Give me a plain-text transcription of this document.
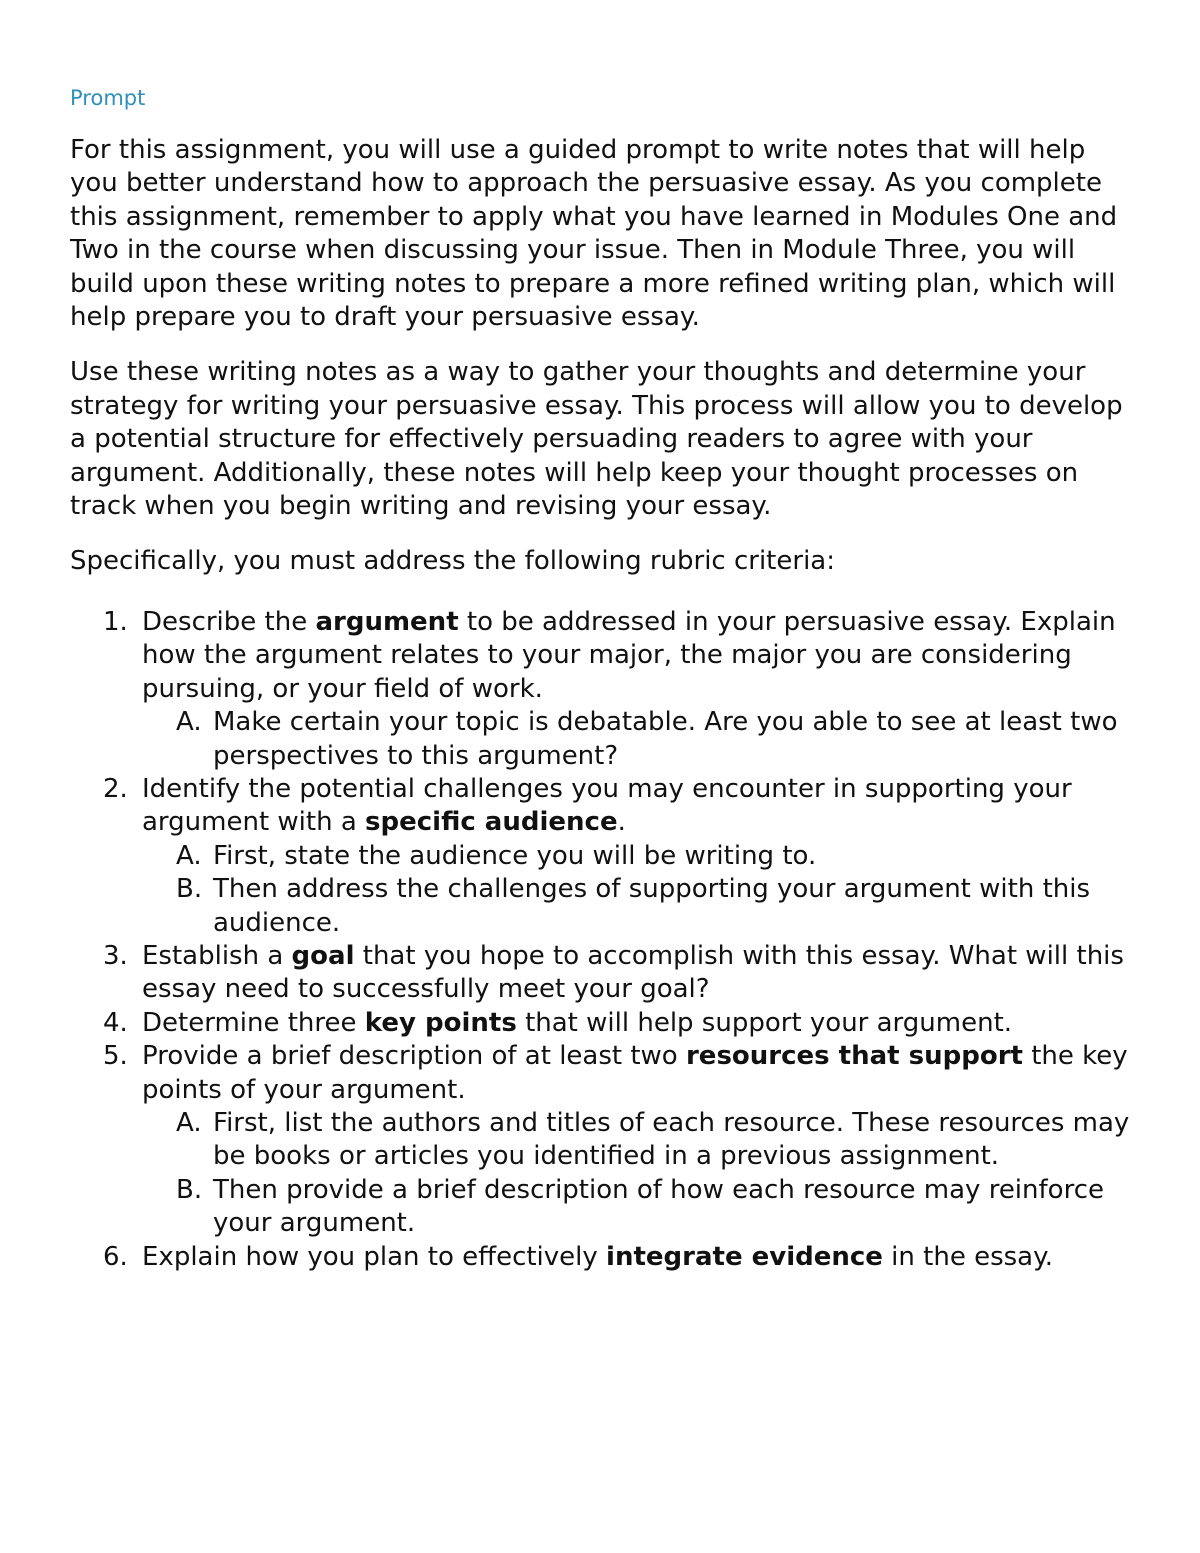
Prompt

For this assignment, you will use a guided prompt to write notes that will help you better understand how to approach the persuasive essay. As you complete this assignment, remember to apply what you have learned in Modules One and Two in the course when discussing your issue. Then in Module Three, you will build upon these writing notes to prepare a more refined writing plan, which will help prepare you to draft your persuasive essay.

Use these writing notes as a way to gather your thoughts and determine your strategy for writing your persuasive essay. This process will allow you to develop a potential structure for effectively persuading readers to agree with your argument. Additionally, these notes will help keep your thought processes on track when you begin writing and revising your essay.

Specifically, you must address the following rubric criteria:

1. Describe the argument to be addressed in your persuasive essay. Explain how the argument relates to your major, the major you are considering pursuing, or your field of work.
A. Make certain your topic is debatable. Are you able to see at least two perspectives to this argument?
2. Identify the potential challenges you may encounter in supporting your argument with a specific audience.
A. First, state the audience you will be writing to.
B. Then address the challenges of supporting your argument with this audience.
3. Establish a goal that you hope to accomplish with this essay. What will this essay need to successfully meet your goal?
4. Determine three key points that will help support your argument.
5. Provide a brief description of at least two resources that support the key points of your argument.
A. First, list the authors and titles of each resource. These resources may be books or articles you identified in a previous assignment.
B. Then provide a brief description of how each resource may reinforce your argument.
6. Explain how you plan to effectively integrate evidence in the essay.
